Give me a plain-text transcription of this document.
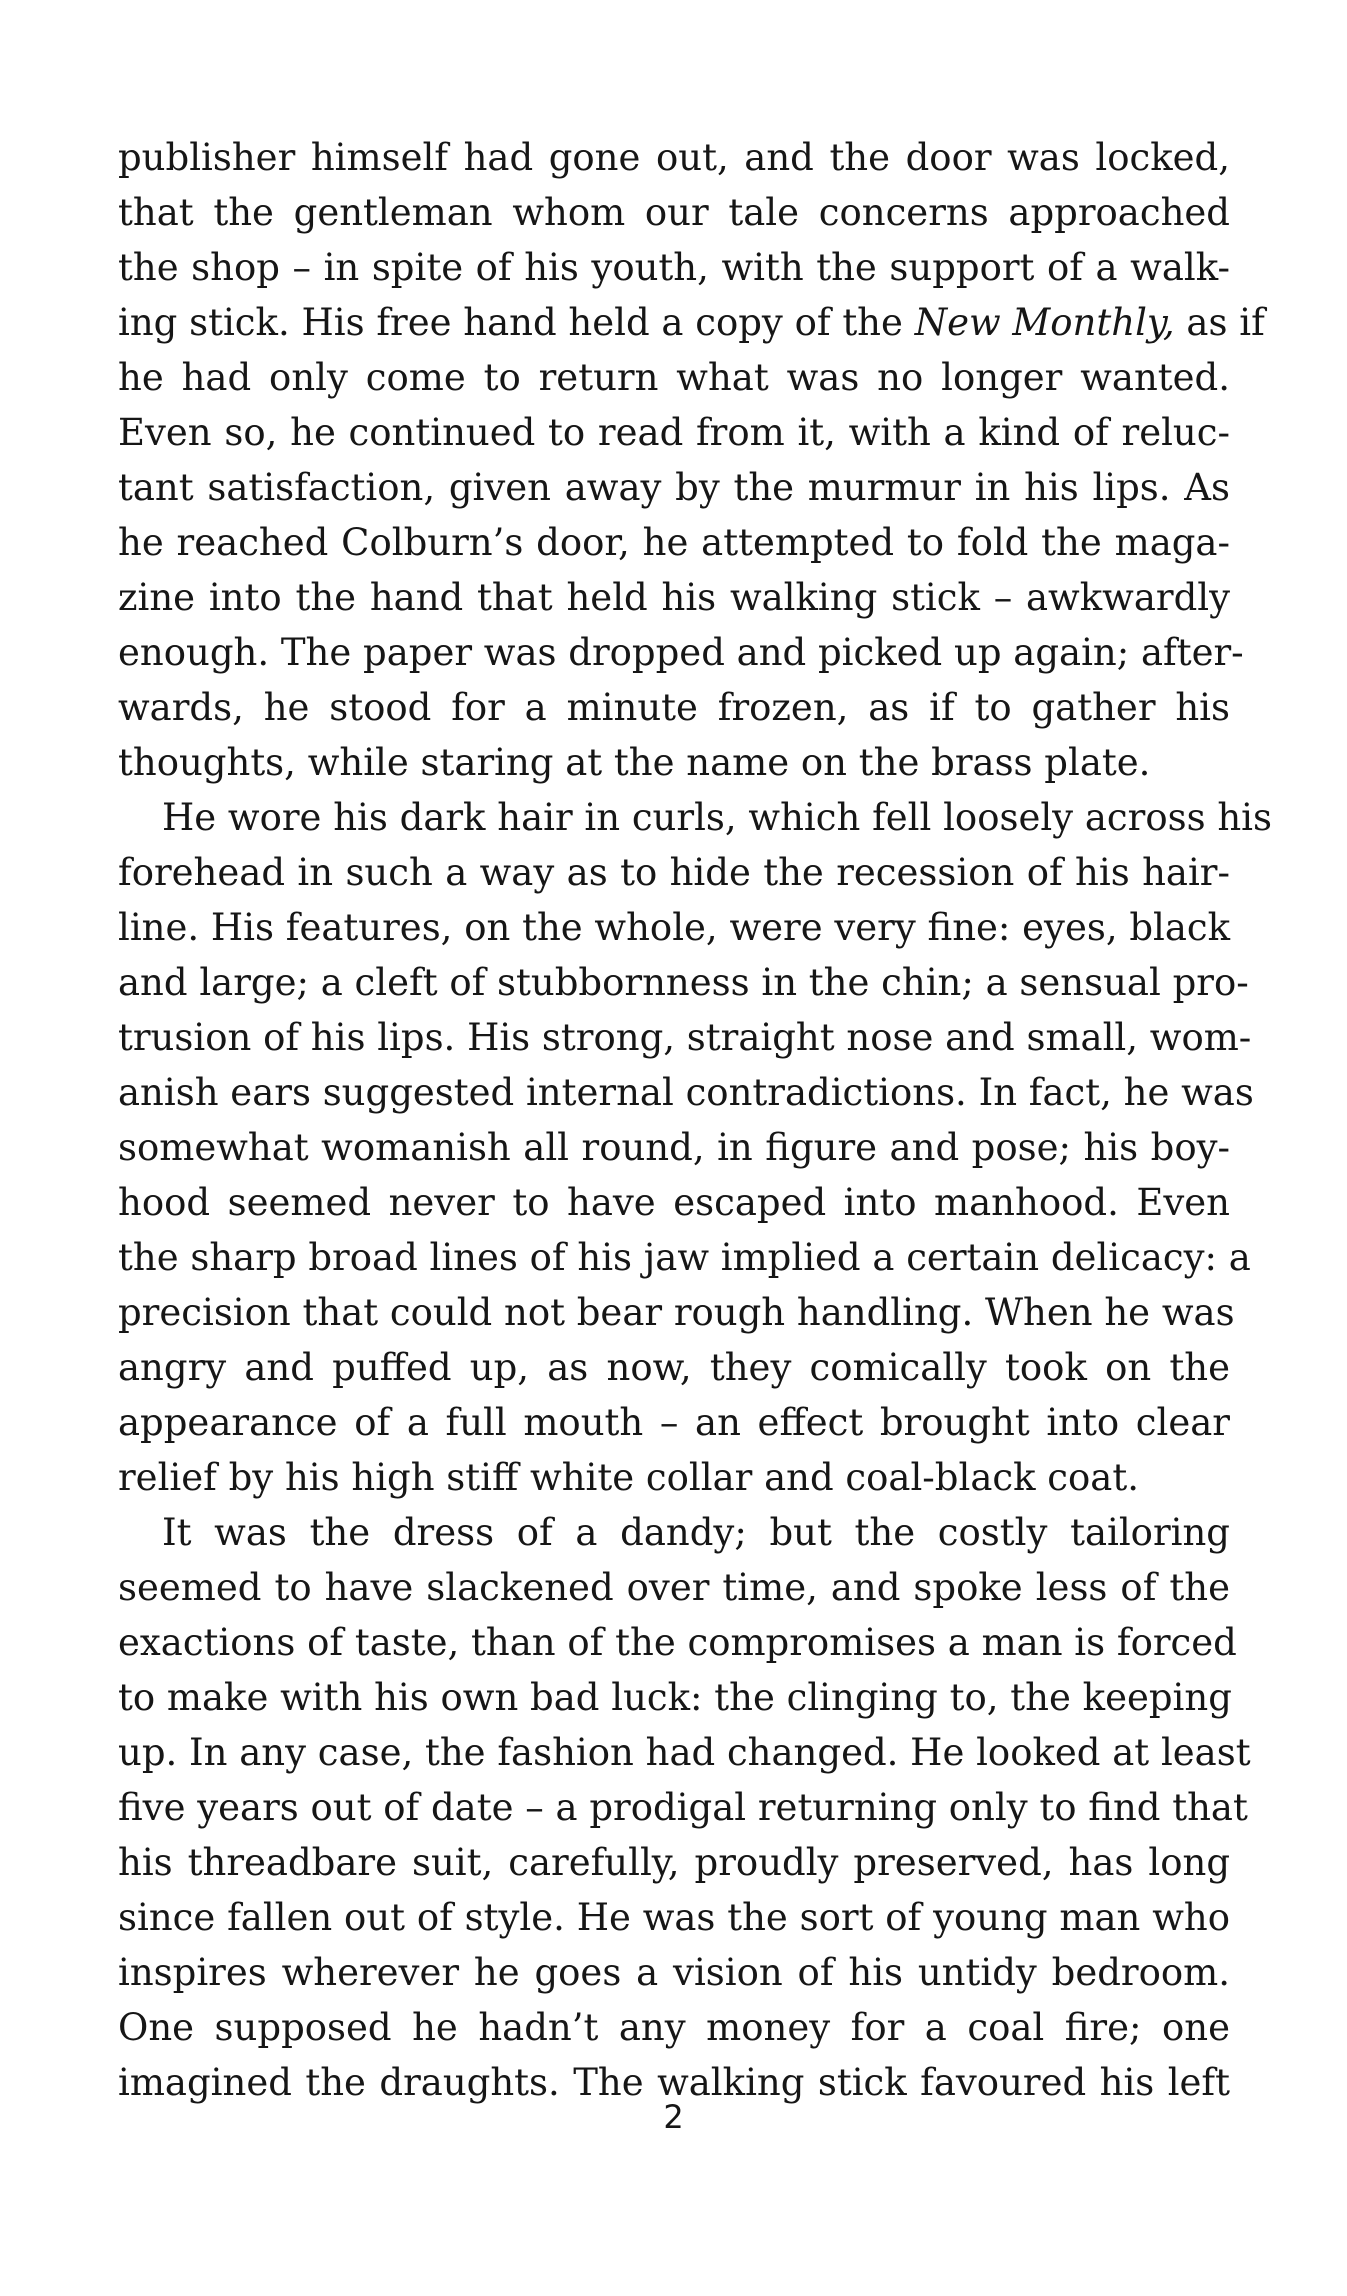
publisher himself had gone out, and the door was locked,
that the gentleman whom our tale concerns approached
the shop – in spite of his youth, with the support of a walk-
ing stick. His free hand held a copy of the New Monthly, as if
he had only come to return what was no longer wanted.
Even so, he continued to read from it, with a kind of reluc-
tant satisfaction, given away by the murmur in his lips. As
he reached Colburn’s door, he attempted to fold the maga-
zine into the hand that held his walking stick – awkwardly
enough. The paper was dropped and picked up again; after-
wards, he stood for a minute frozen, as if to gather his
thoughts, while staring at the name on the brass plate.
He wore his dark hair in curls, which fell loosely across his
forehead in such a way as to hide the recession of his hair-
line. His features, on the whole, were very fine: eyes, black
and large; a cleft of stubbornness in the chin; a sensual pro-
trusion of his lips. His strong, straight nose and small, wom-
anish ears suggested internal contradictions. In fact, he was
somewhat womanish all round, in figure and pose; his boy-
hood seemed never to have escaped into manhood. Even
the sharp broad lines of his jaw implied a certain delicacy: a
precision that could not bear rough handling. When he was
angry and puffed up, as now, they comically took on the
appearance of a full mouth – an effect brought into clear
relief by his high stiff white collar and coal-black coat.
It was the dress of a dandy; but the costly tailoring
seemed to have slackened over time, and spoke less of the
exactions of taste, than of the compromises a man is forced
to make with his own bad luck: the clinging to, the keeping
up. In any case, the fashion had changed. He looked at least
five years out of date – a prodigal returning only to find that
his threadbare suit, carefully, proudly preserved, has long
since fallen out of style. He was the sort of young man who
inspires wherever he goes a vision of his untidy bedroom.
One supposed he hadn’t any money for a coal fire; one
imagined the draughts. The walking stick favoured his left
2
